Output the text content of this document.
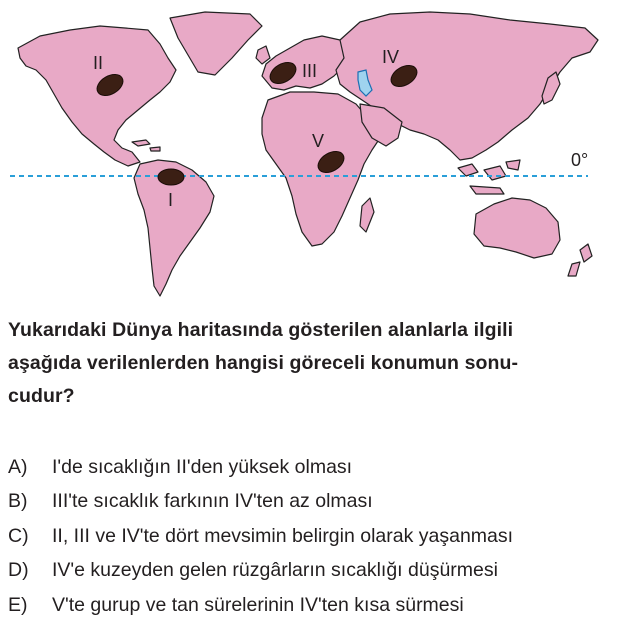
0°
II	III
IV
V
I
Yukarıdaki Dünya haritasında gösterilen alanlarla ilgili
aşağıda verilenlerden hangisi göreceli konumun sonu-
cudur?
A)	I'de sıcaklığın II'den yüksek olması
B)	III'te sıcaklık farkının IV'ten az olması
C)	II, III ve IV'te dört mevsimin belirgin olarak yaşanması
D)	IV'e kuzeyden gelen rüzgârların sıcaklığı düşürmesi
E)	V'te gurup ve tan sürelerinin IV'ten kısa sürmesi
